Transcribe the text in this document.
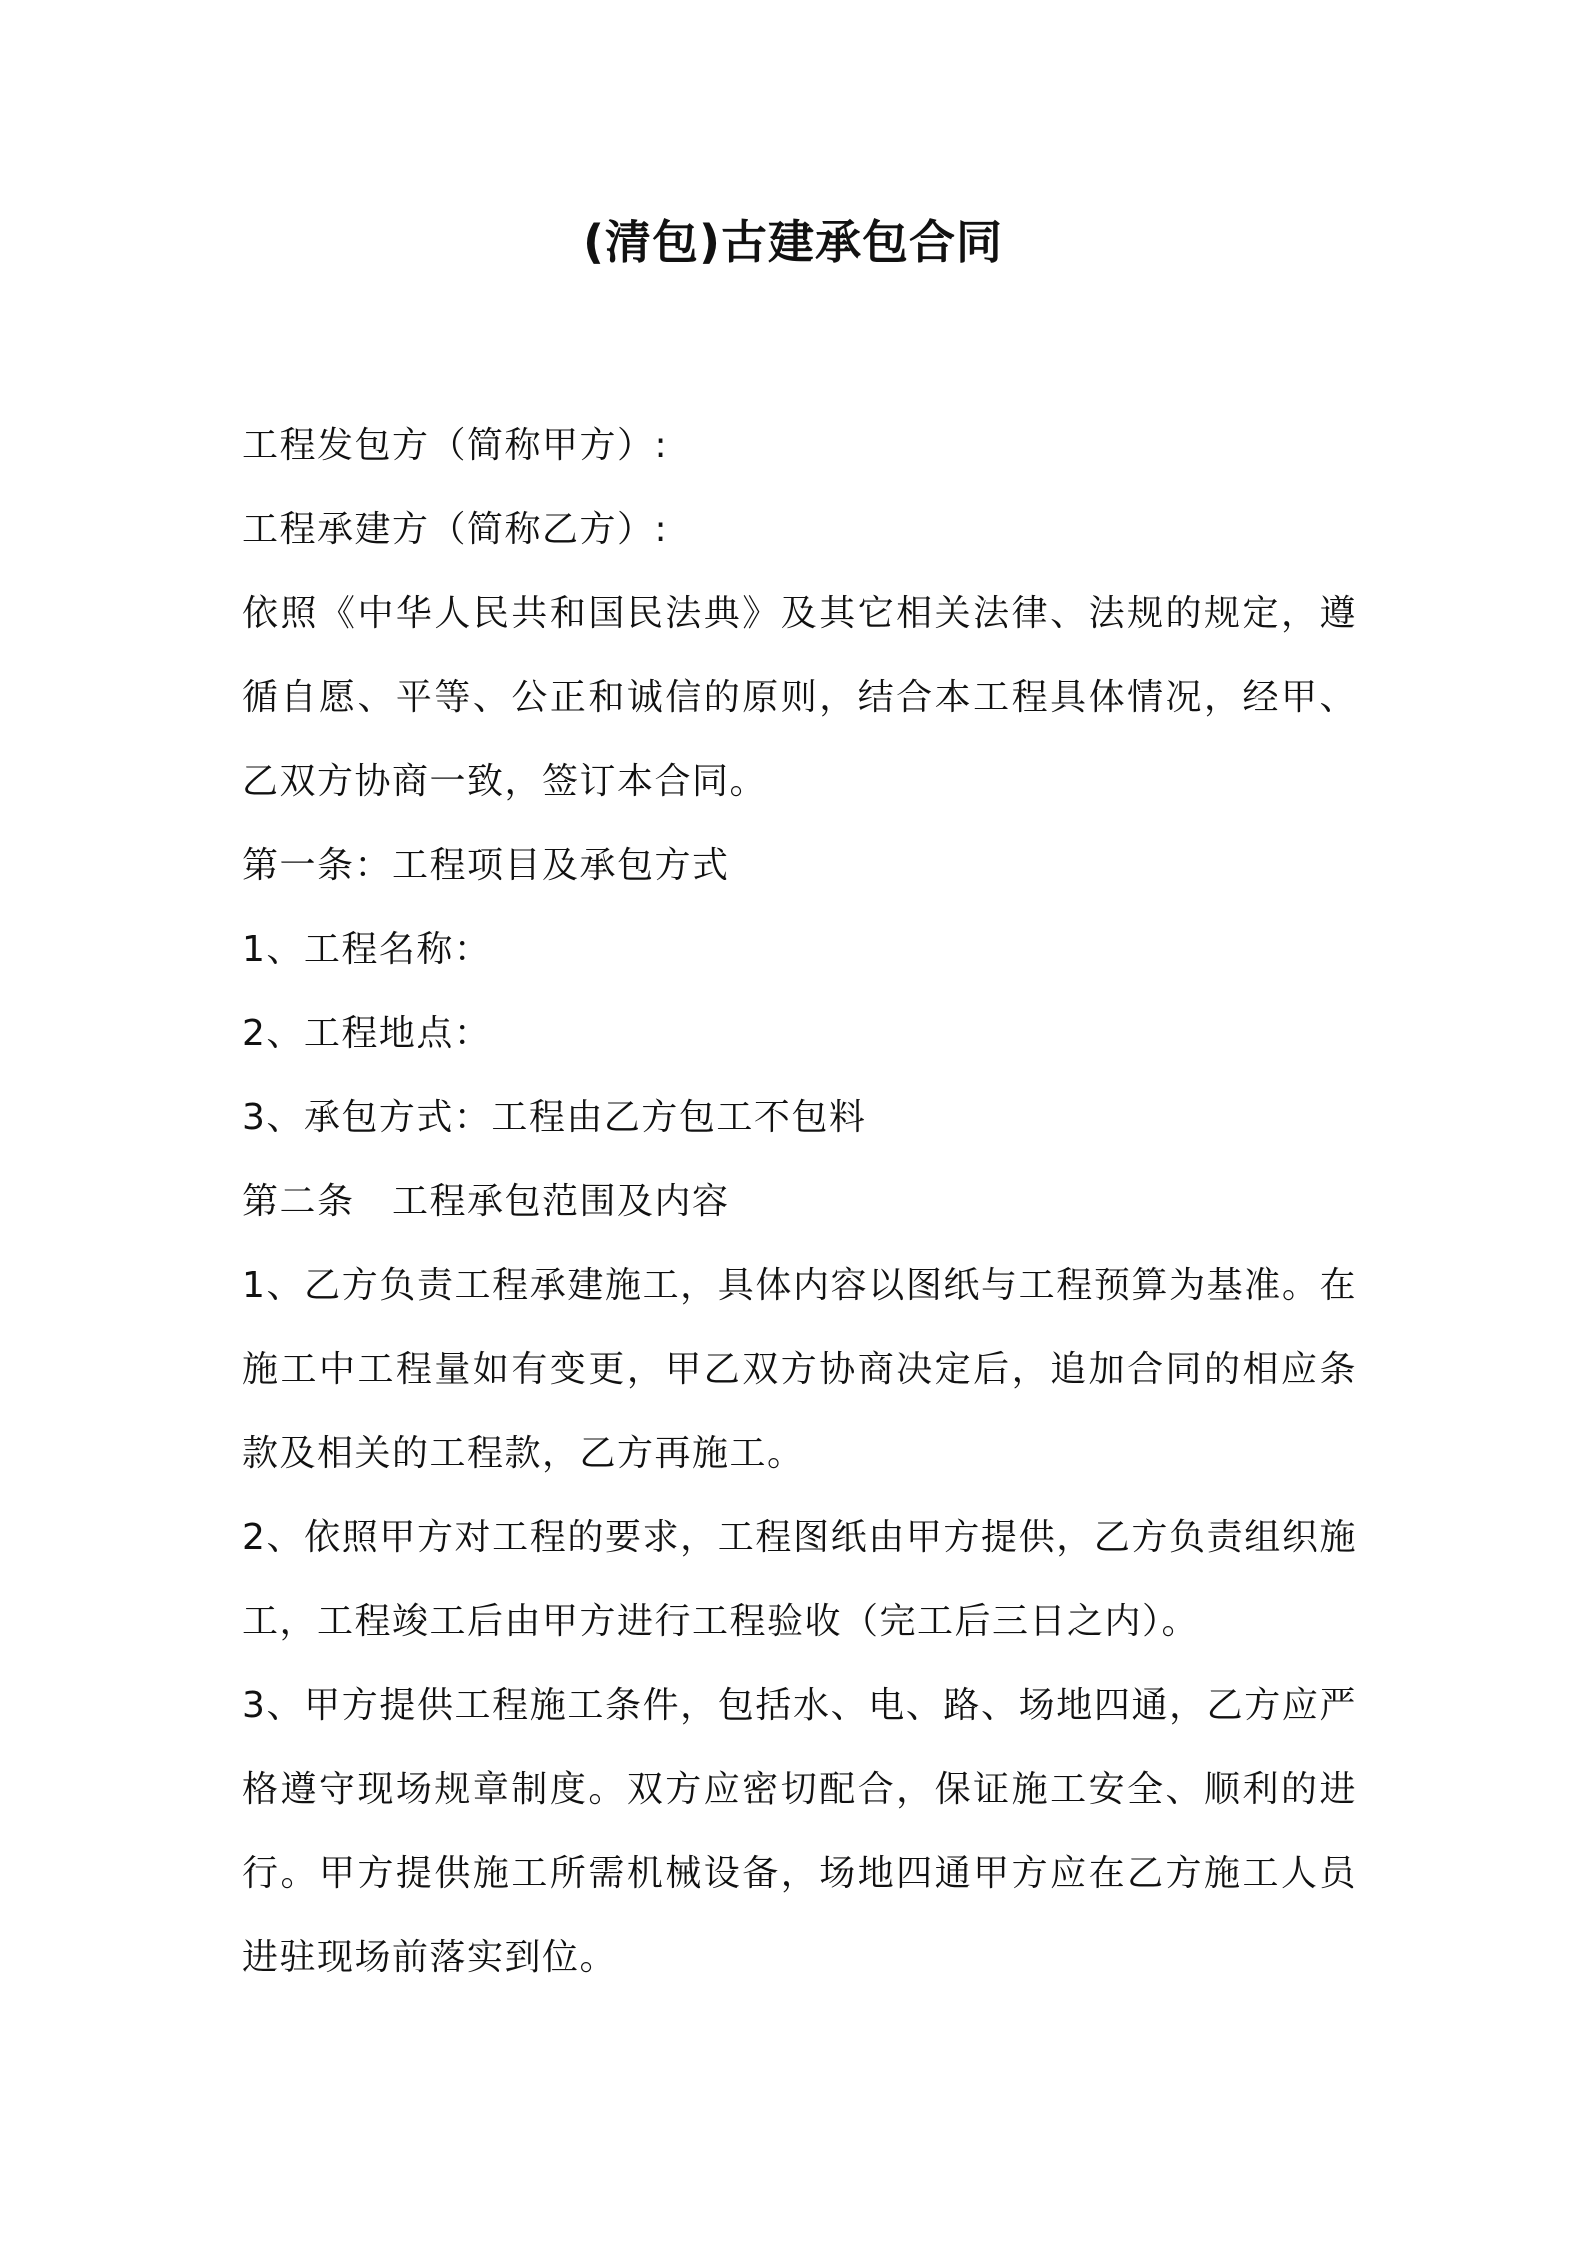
(清包)古建承包合同

工程发包方（简称甲方）:

工程承建方（简称乙方）:

依照《中华人民共和国民法典》及其它相关法律、法规的规定，遵循自愿、平等、公正和诚信的原则，结合本工程具体情况，经甲、乙双方协商一致，签订本合同。

第一条：工程项目及承包方式

1、工程名称：

2、工程地点：

3、承包方式：工程由乙方包工不包料

第二条　工程承包范围及内容

1、乙方负责工程承建施工，具体内容以图纸与工程预算为基准。在施工中工程量如有变更，甲乙双方协商决定后，追加合同的相应条款及相关的工程款，乙方再施工。

2、依照甲方对工程的要求，工程图纸由甲方提供，乙方负责组织施工，工程竣工后由甲方进行工程验收（完工后三日之内）。

3、甲方提供工程施工条件，包括水、电、路、场地四通，乙方应严格遵守现场规章制度。双方应密切配合，保证施工安全、顺利的进行。甲方提供施工所需机械设备，场地四通甲方应在乙方施工人员进驻现场前落实到位。
